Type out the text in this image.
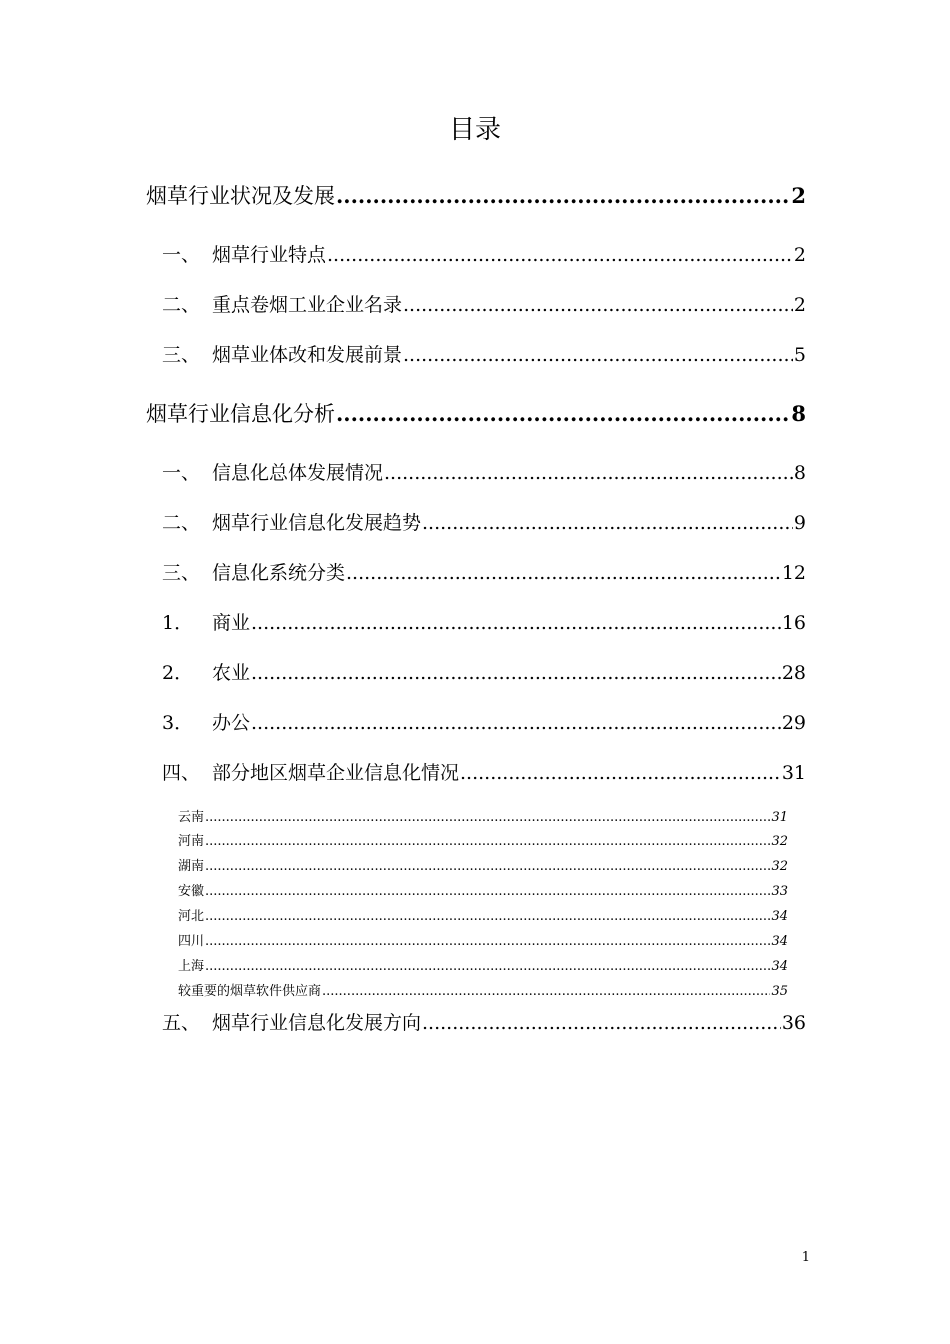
目录
烟草行业状况及发展 .....	2
一、 烟草行业特点 .....	2
二、 重点卷烟工业企业名录 .....	2
三、 烟草业体改和发展前景 .....	5
烟草行业信息化分析 .....	8
一、 信息化总体发展情况 .....	8
二、 烟草行业信息化发展趋势 .....	9
三、 信息化系统分类 .....	12
1． 商业 .....	16
2． 农业 .....	28
3． 办公 .....	29
四、 部分地区烟草企业信息化情况 .....	31
云南 .....	31
河南 .....	32
湖南 .....	32
安徽 .....	33
河北 .....	34
四川 .....	34
上海 .....	34
较重要的烟草软件供应商 .....	35
五、 烟草行业信息化发展方向 .....	36
1
